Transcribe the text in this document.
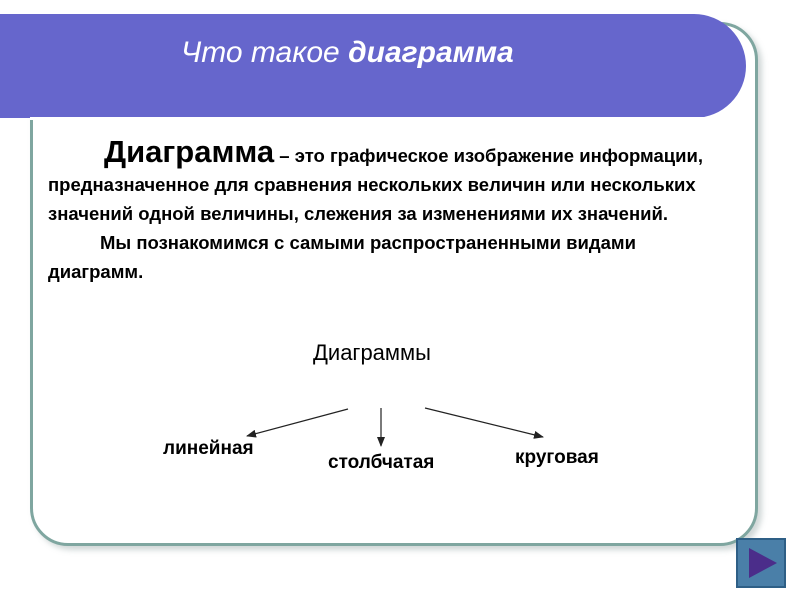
Что такое диаграмма

Диаграмма – это графическое изображение информации, предназначенное для сравнения нескольких величин или нескольких значений одной величины, слежения за изменениями их значений.
Мы познакомимся с самыми распространенными видами диаграмм.

Диаграммы
линейная
столбчатая	круговая
